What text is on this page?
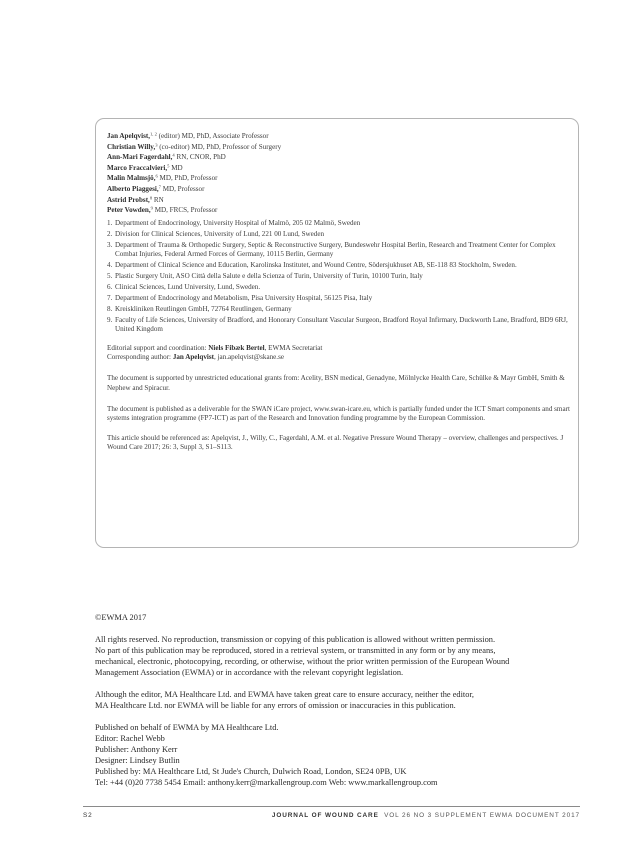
Jan Apelqvist,$^{1, 2}$ (editor) MD, PhD, Associate Professor
Christian Willy,$^3$ (co-editor) MD, PhD, Professor of Surgery
Ann-Mari Fagerdahl,$^4$ RN, CNOR, PhD
Marco Fraccalvieri,$^5$ MD
Malin Malmsjö,$^6$ MD, PhD, Professor
Alberto Piaggesi,$^7$ MD, Professor
Astrid Probst,$^8$ RN
Peter Vowden,$^9$ MD, FRCS, Professor
1. Department of Endocrinology, University Hospital of Malmö, 205 02 Malmö, Sweden
2. Division for Clinical Sciences, University of Lund, 221 00 Lund, Sweden
3. Department of Trauma & Orthopedic Surgery, Septic & Reconstructive Surgery, Bundeswehr Hospital Berlin, Research and Treatment Center for Complex Combat Injuries, Federal Armed Forces of Germany, 10115 Berlin, Germany
4. Department of Clinical Science and Education, Karolinska Institutet, and Wound Centre, Södersjukhuset AB, SE-118 83 Stockholm, Sweden.
5. Plastic Surgery Unit, ASO Città della Salute e della Scienza of Turin, University of Turin, 10100 Turin, Italy
6. Clinical Sciences, Lund University, Lund, Sweden.
7. Department of Endocrinology and Metabolism, Pisa University Hospital, 56125 Pisa, Italy
8. Kreiskliniken Reutlingen GmbH, 72764 Reutlingen, Germany
9. Faculty of Life Sciences, University of Bradford, and Honorary Consultant Vascular Surgeon, Bradford Royal Infirmary, Duckworth Lane, Bradford, BD9 6RJ, United Kingdom
Editorial support and coordination: Niels Fibæk Bertel, EWMA Secretariat
Corresponding author: Jan Apelqvist, jan.apelqvist@skane.se
The document is supported by unrestricted educational grants from: Acelity, BSN medical, Genadyne, Mölnlycke Health Care, Schülke & Mayr GmbH, Smith & Nephew and Spiracur.
The document is published as a deliverable for the SWAN iCare project, www.swan-icare.eu, which is partially funded under the ICT Smart components and smart systems integration programme (FP7-ICT) as part of the Research and Innovation funding programme by the European Commission.
This article should be referenced as: Apelqvist, J., Willy, C., Fagerdahl, A.M. et al. Negative Pressure Wound Therapy – overview, challenges and perspectives. J Wound Care 2017; 26: 3, Suppl 3, S1–S113.
©EWMA 2017
All rights reserved. No reproduction, transmission or copying of this publication is allowed without written permission.
No part of this publication may be reproduced, stored in a retrieval system, or transmitted in any form or by any means,
mechanical, electronic, photocopying, recording, or otherwise, without the prior written permission of the European Wound
Management Association (EWMA) or in accordance with the relevant copyright legislation.
Although the editor, MA Healthcare Ltd. and EWMA have taken great care to ensure accuracy, neither the editor,
MA Healthcare Ltd. nor EWMA will be liable for any errors of omission or inaccuracies in this publication.
Published on behalf of EWMA by MA Healthcare Ltd.
Editor: Rachel Webb
Publisher: Anthony Kerr
Designer: Lindsey Butlin
Published by: MA Healthcare Ltd, St Jude's Church, Dulwich Road, London, SE24 0PB, UK
Tel: +44 (0)20 7738 5454 Email: anthony.kerr@markallengroup.com Web: www.markallengroup.com
S2	JOURNAL OF WOUND CARE VOL 26 NO 3 SUPPLEMENT EWMA DOCUMENT 2017
